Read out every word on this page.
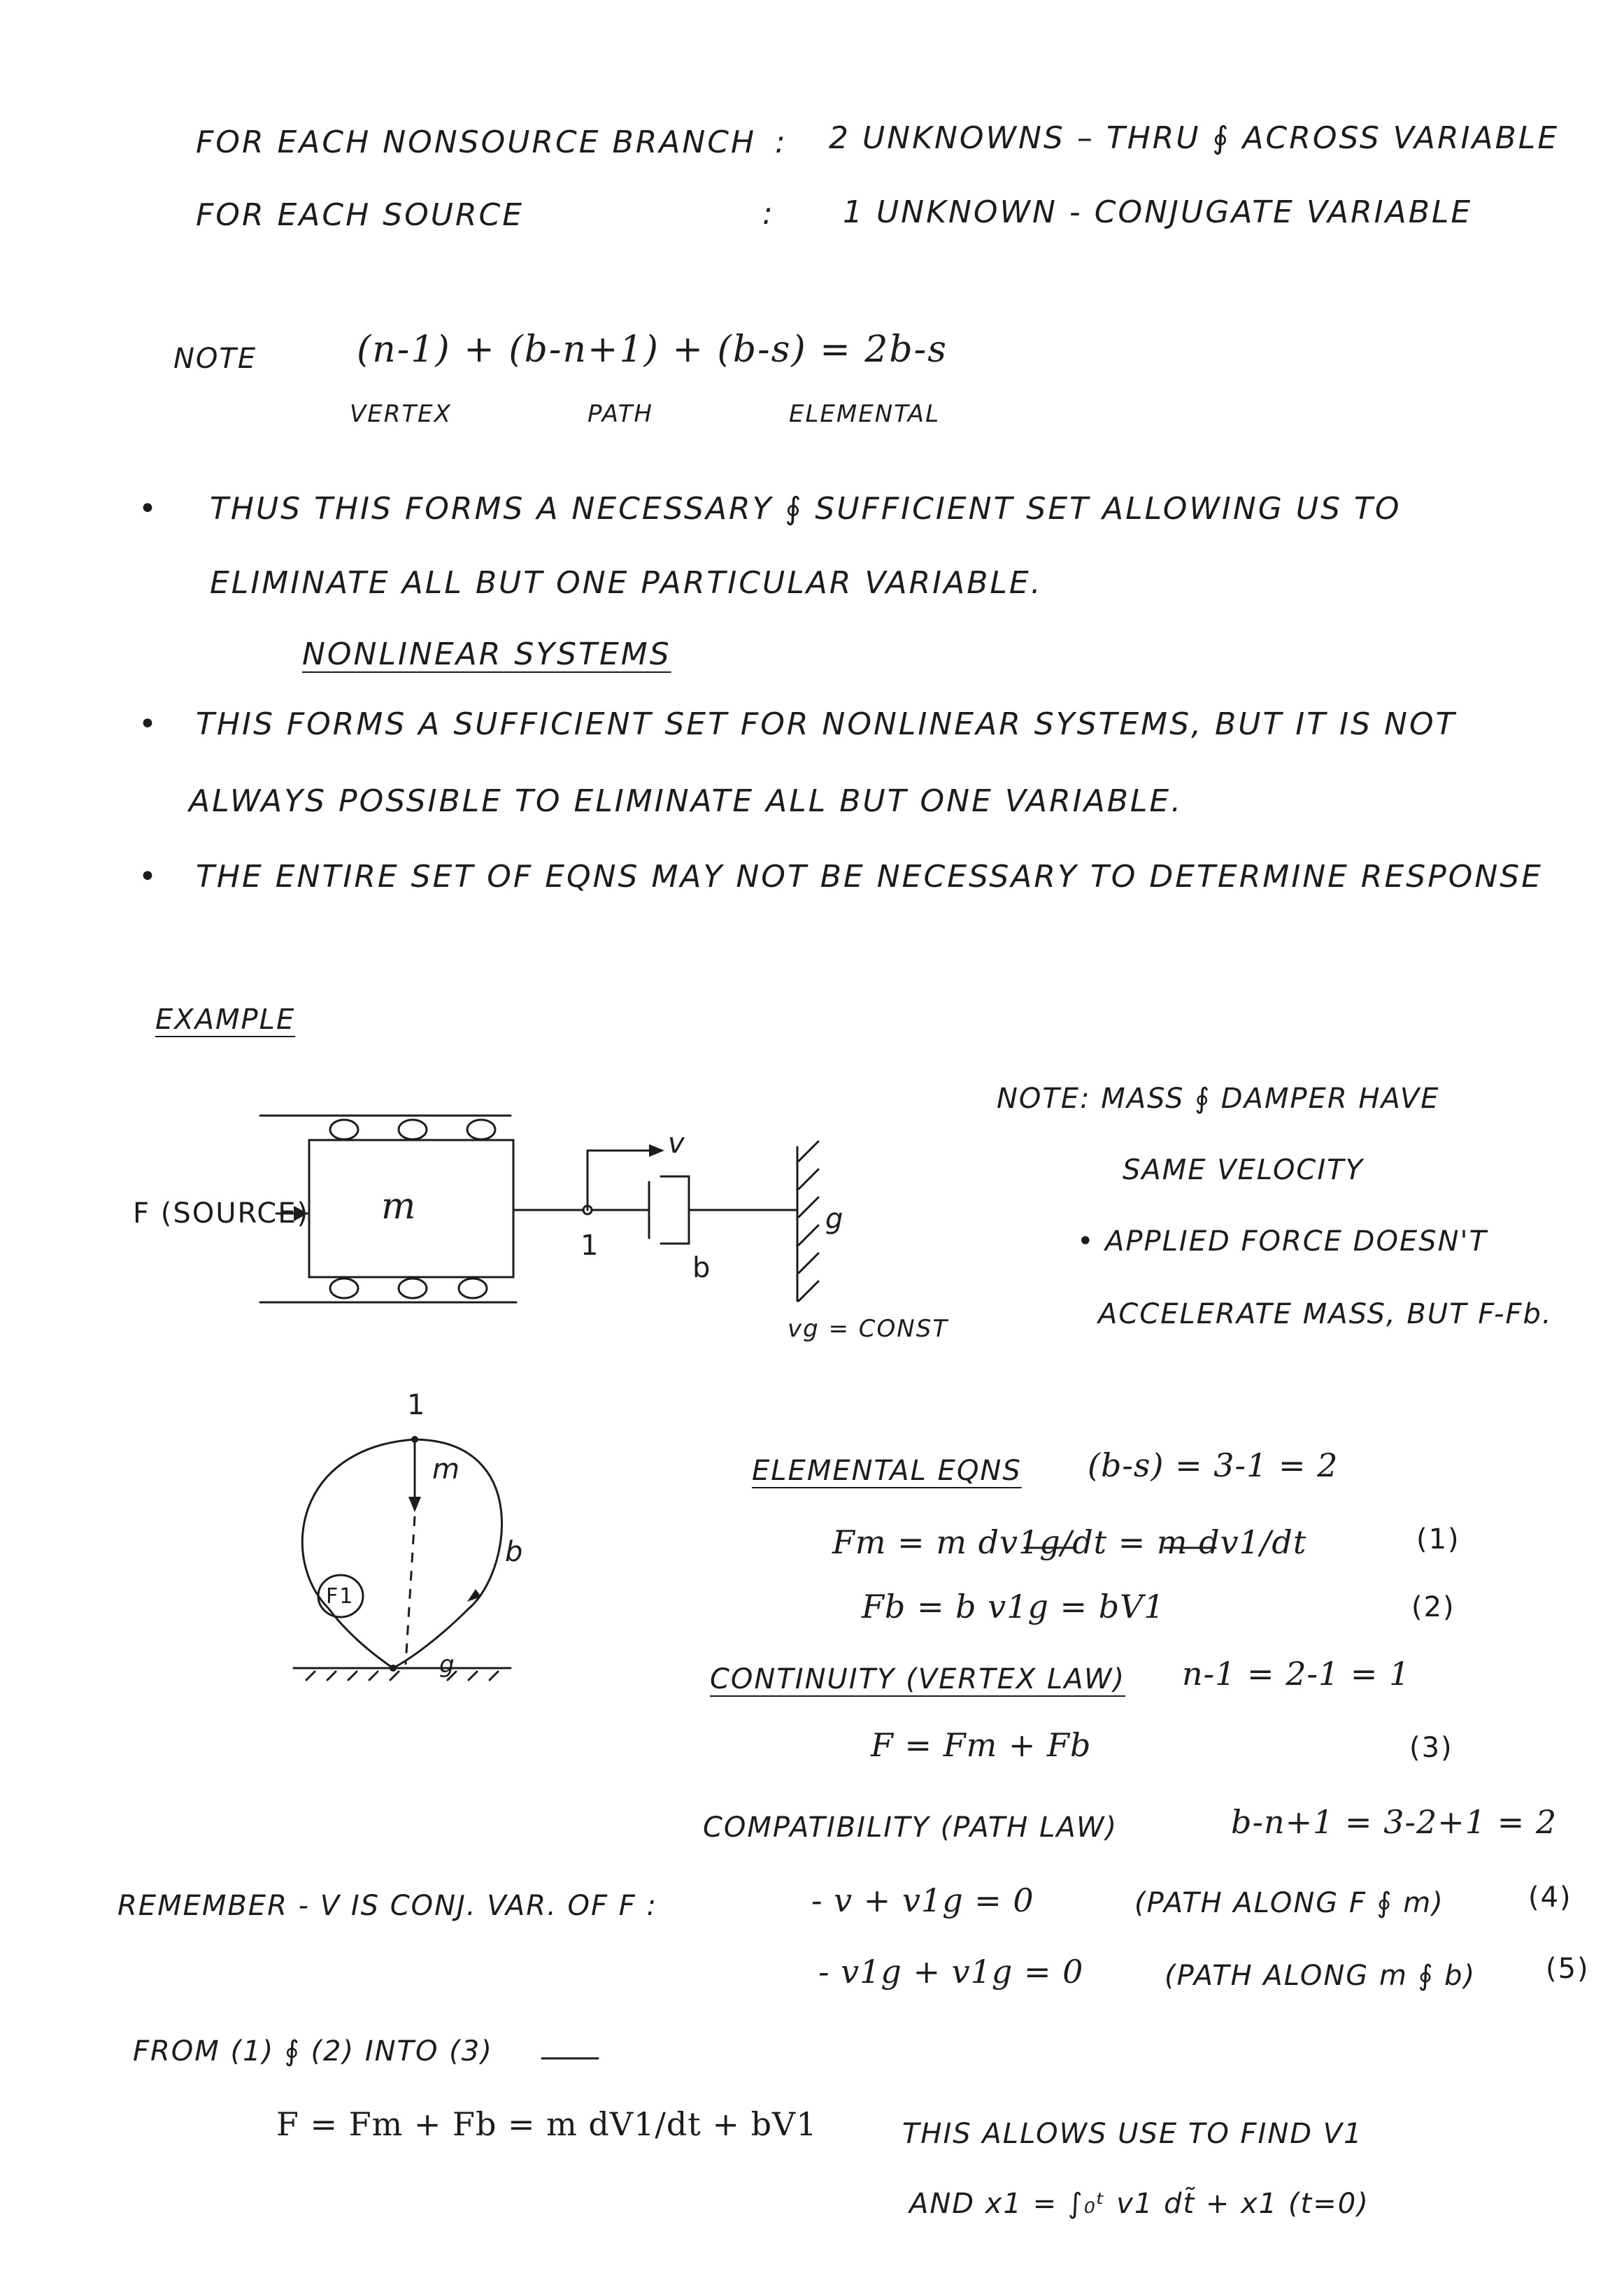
FOR EACH NONSOURCE BRANCH : 2 UNKNOWNS – THRU ∮ ACROSS VARIABLE
FOR EACH SOURCE	: 1 UNKNOWN - CONJUGATE VARIABLE
NOTE	(n-1) + (b-n+1) + (b-s) = 2b-s
VERTEX	PATH	ELEMENTAL
• THUS THIS FORMS A NECESSARY ∮ SUFFICIENT SET ALLOWING US TO
ELIMINATE ALL BUT ONE PARTICULAR VARIABLE.
NONLINEAR SYSTEMS
• THIS FORMS A SUFFICIENT SET FOR NONLINEAR SYSTEMS, BUT IT IS NOT
ALWAYS POSSIBLE TO ELIMINATE ALL BUT ONE VARIABLE.
• THE ENTIRE SET OF EQNS MAY NOT BE NECESSARY TO DETERMINE RESPONSE
EXAMPLE
F (SOURCE) m
v
1
b
g
vg = CONST
NOTE: MASS ∮ DAMPER HAVE
SAME VELOCITY
• APPLIED FORCE DOESN'T
ACCELERATE MASS, BUT F-Fb.
1
m
b
F1
g
ELEMENTAL EQNS (b-s) = 3-1 = 2
Fm = m dv1g/dt = m dv1/dt	(1)
Fb = b v1g = bV1	(2)
CONTINUITY (VERTEX LAW) n-1 = 2-1 = 1
F = Fm + Fb	(3)
COMPATIBILITY (PATH LAW)	b-n+1 = 3-2+1 = 2
REMEMBER - V IS CONJ. VAR. OF F :	- v + v1g = 0	(PATH ALONG F ∮ m)	(4)
- v1g + v1g = 0	(PATH ALONG m ∮ b) (5)
FROM (1) ∮ (2) INTO (3)
F = Fm + Fb = m dV1/dt + bV1	THIS ALLOWS USE TO FIND V1
AND x1 = ∫₀ᵗ v1 dt̃ + x1 (t=0)
